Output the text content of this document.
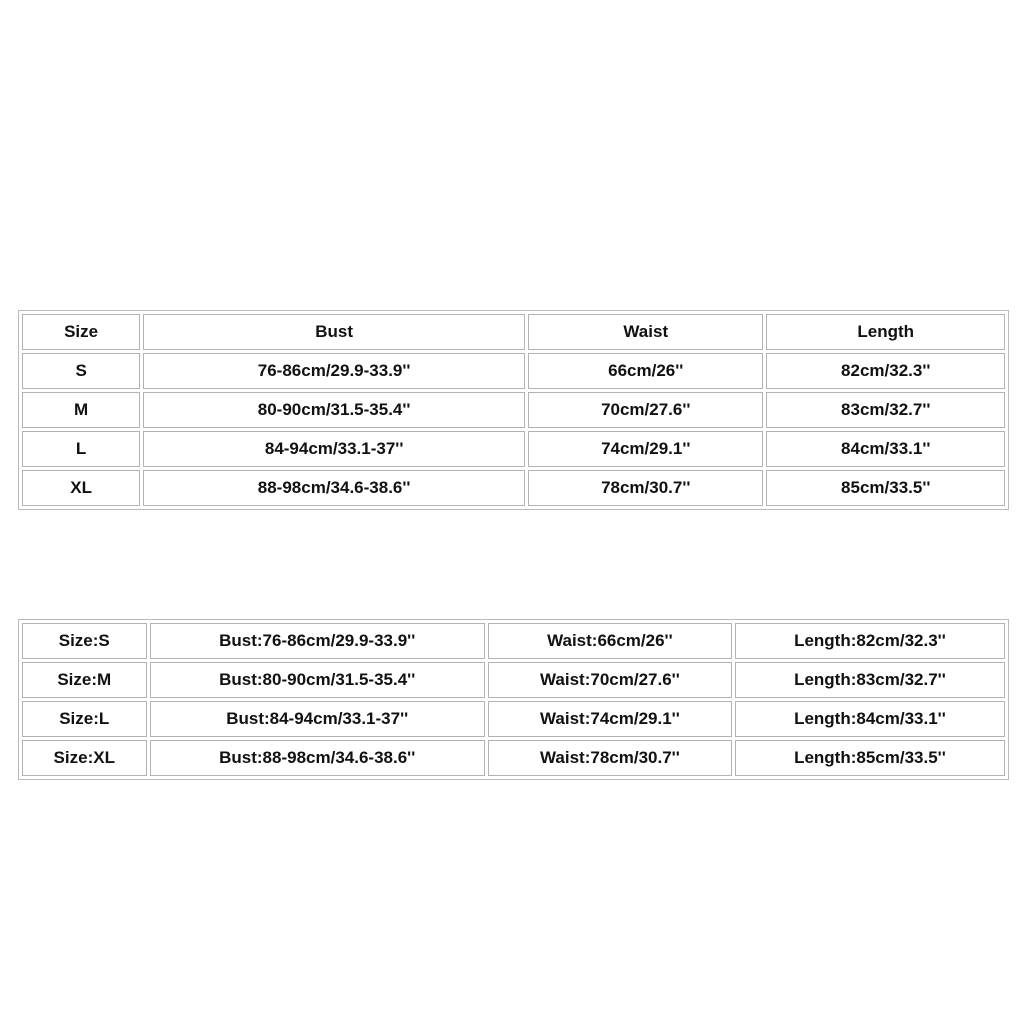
Size	Bust	Waist	Length
S	76-86cm/29.9-33.9''	66cm/26''	82cm/32.3''
M	80-90cm/31.5-35.4''	70cm/27.6''	83cm/32.7''
L	84-94cm/33.1-37''	74cm/29.1''	84cm/33.1''
XL	88-98cm/34.6-38.6''	78cm/30.7''	85cm/33.5''
Size:S	Bust:76-86cm/29.9-33.9''	Waist:66cm/26''	Length:82cm/32.3''
Size:M	Bust:80-90cm/31.5-35.4''	Waist:70cm/27.6''	Length:83cm/32.7''
Size:L	Bust:84-94cm/33.1-37''	Waist:74cm/29.1''	Length:84cm/33.1''
Size:XL	Bust:88-98cm/34.6-38.6''	Waist:78cm/30.7''	Length:85cm/33.5''
